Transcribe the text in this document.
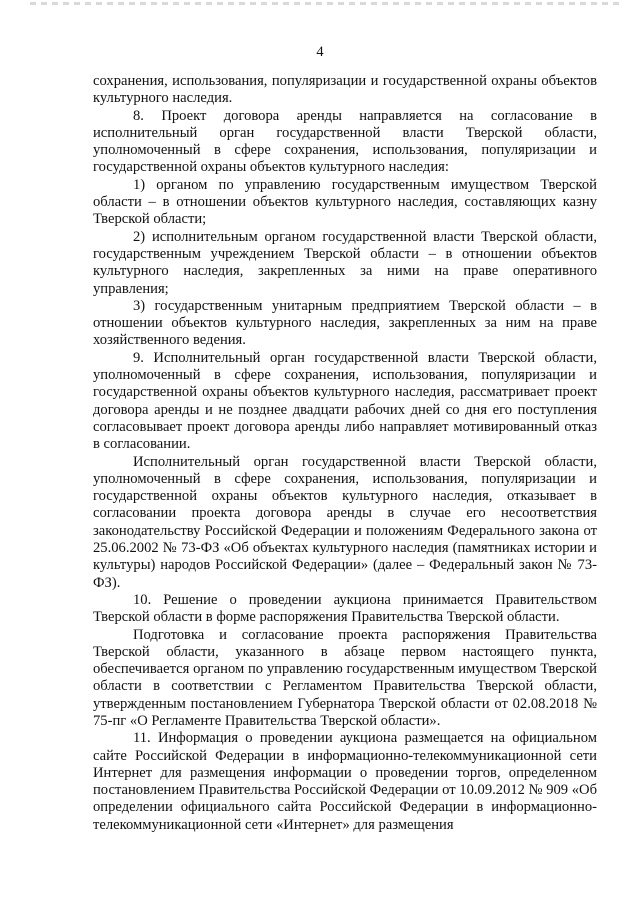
4

сохранения, использования, популяризации и государственной охраны объектов культурного наследия.

8. Проект договора аренды направляется на согласование в исполнительный орган государственной власти Тверской области, уполномоченный в сфере сохранения, использования, популяризации и государственной охраны объектов культурного наследия:

1) органом по управлению государственным имуществом Тверской области – в отношении объектов культурного наследия, составляющих казну Тверской области;

2) исполнительным органом государственной власти Тверской области, государственным учреждением Тверской области – в отношении объектов культурного наследия, закрепленных за ними на праве оперативного управления;

3) государственным унитарным предприятием Тверской области – в отношении объектов культурного наследия, закрепленных за ним на праве хозяйственного ведения.

9. Исполнительный орган государственной власти Тверской области, уполномоченный в сфере сохранения, использования, популяризации и государственной охраны объектов культурного наследия, рассматривает проект договора аренды и не позднее двадцати рабочих дней со дня его поступления согласовывает проект договора аренды либо направляет мотивированный отказ в согласовании.

Исполнительный орган государственной власти Тверской области, уполномоченный в сфере сохранения, использования, популяризации и государственной охраны объектов культурного наследия, отказывает в согласовании проекта договора аренды в случае его несоответствия законодательству Российской Федерации и положениям Федерального закона от 25.06.2002 № 73-ФЗ «Об объектах культурного наследия (памятниках истории и культуры) народов Российской Федерации» (далее – Федеральный закон № 73-ФЗ).

10. Решение о проведении аукциона принимается Правительством Тверской области в форме распоряжения Правительства Тверской области.

Подготовка и согласование проекта распоряжения Правительства Тверской области, указанного в абзаце первом настоящего пункта, обеспечивается органом по управлению государственным имуществом Тверской области в соответствии с Регламентом Правительства Тверской области, утвержденным постановлением Губернатора Тверской области от 02.08.2018 № 75-пг «О Регламенте Правительства Тверской области».

11. Информация о проведении аукциона размещается на официальном сайте Российской Федерации в информационно-телекоммуникационной сети Интернет для размещения информации о проведении торгов, определенном постановлением Правительства Российской Федерации от 10.09.2012 № 909 «Об определении официального сайта Российской Федерации в информационно-телекоммуникационной сети «Интернет» для размещения
